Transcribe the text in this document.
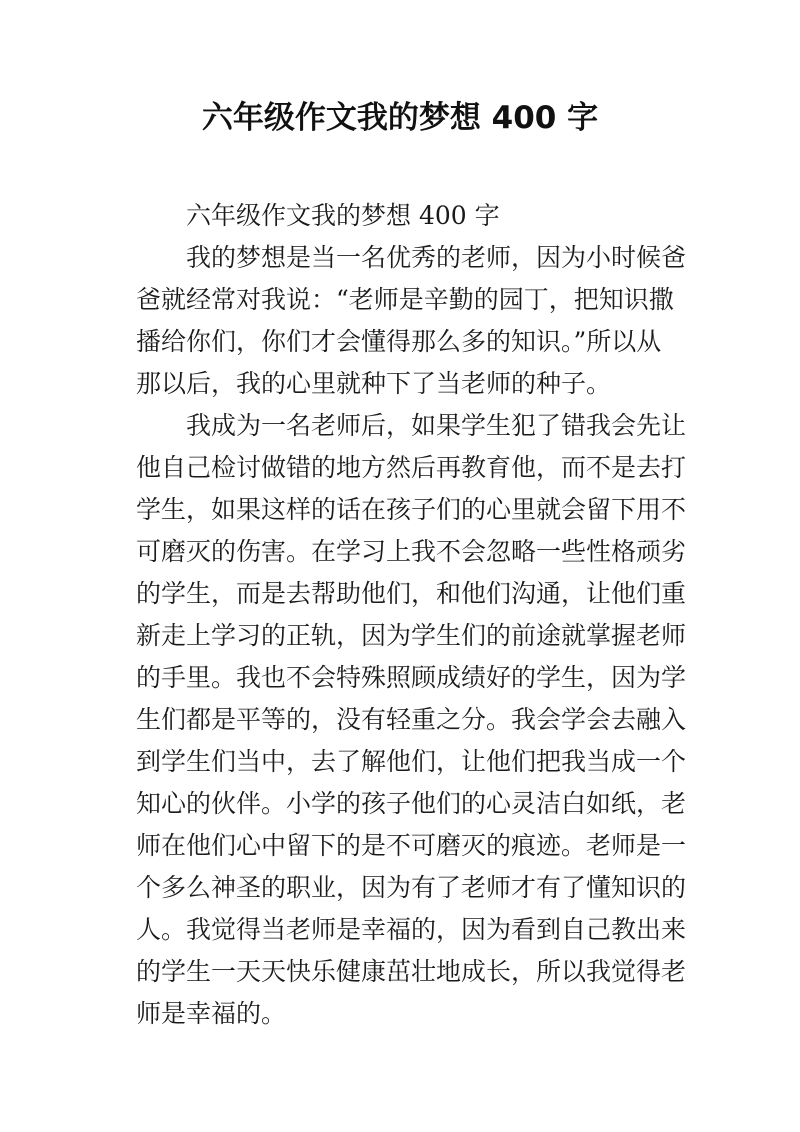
六年级作文我的梦想 400 字
六年级作文我的梦想 400 字
我的梦想是当一名优秀的老师，因为小时候爸
爸就经常对我说：“老师是辛勤的园丁，把知识撒
播给你们，你们才会懂得那么多的知识。”所以从
那以后，我的心里就种下了当老师的种子。
我成为一名老师后，如果学生犯了错我会先让
他自己检讨做错的地方然后再教育他，而不是去打
学生，如果这样的话在孩子们的心里就会留下用不
可磨灭的伤害。在学习上我不会忽略一些性格顽劣
的学生，而是去帮助他们，和他们沟通，让他们重
新走上学习的正轨，因为学生们的前途就掌握老师
的手里。我也不会特殊照顾成绩好的学生，因为学
生们都是平等的，没有轻重之分。我会学会去融入
到学生们当中，去了解他们，让他们把我当成一个
知心的伙伴。小学的孩子他们的心灵洁白如纸，老
师在他们心中留下的是不可磨灭的痕迹。老师是一
个多么神圣的职业，因为有了老师才有了懂知识的
人。我觉得当老师是幸福的，因为看到自己教出来
的学生一天天快乐健康茁壮地成长，所以我觉得老
师是幸福的。
